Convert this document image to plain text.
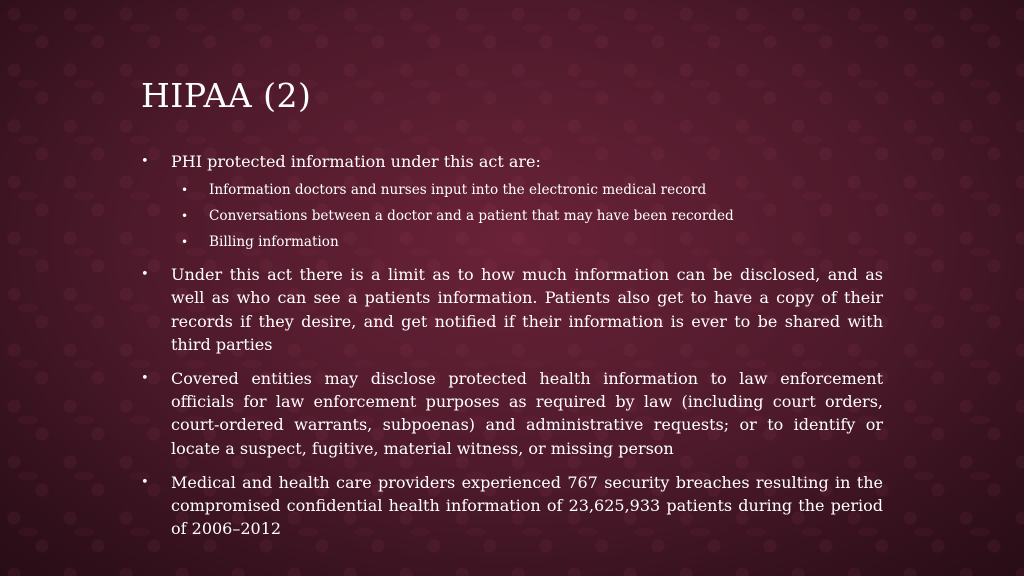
HIPAA (2)
• PHI protected information under this act are:
• Information doctors and nurses input into the electronic medical record
• Conversations between a doctor and a patient that may have been recorded
• Billing information
• Under this act there is a limit as to how much information can be disclosed, and as well as who can see a patients information. Patients also get to have a copy of their records if they desire, and get notified if their information is ever to be shared with third parties
• Covered entities may disclose protected health information to law enforcement officials for law enforcement purposes as required by law (including court orders, court-ordered warrants, subpoenas) and administrative requests; or to identify or locate a suspect, fugitive, material witness, or missing person
• Medical and health care providers experienced 767 security breaches resulting in the compromised confidential health information of 23,625,933 patients during the period of 2006–2012
